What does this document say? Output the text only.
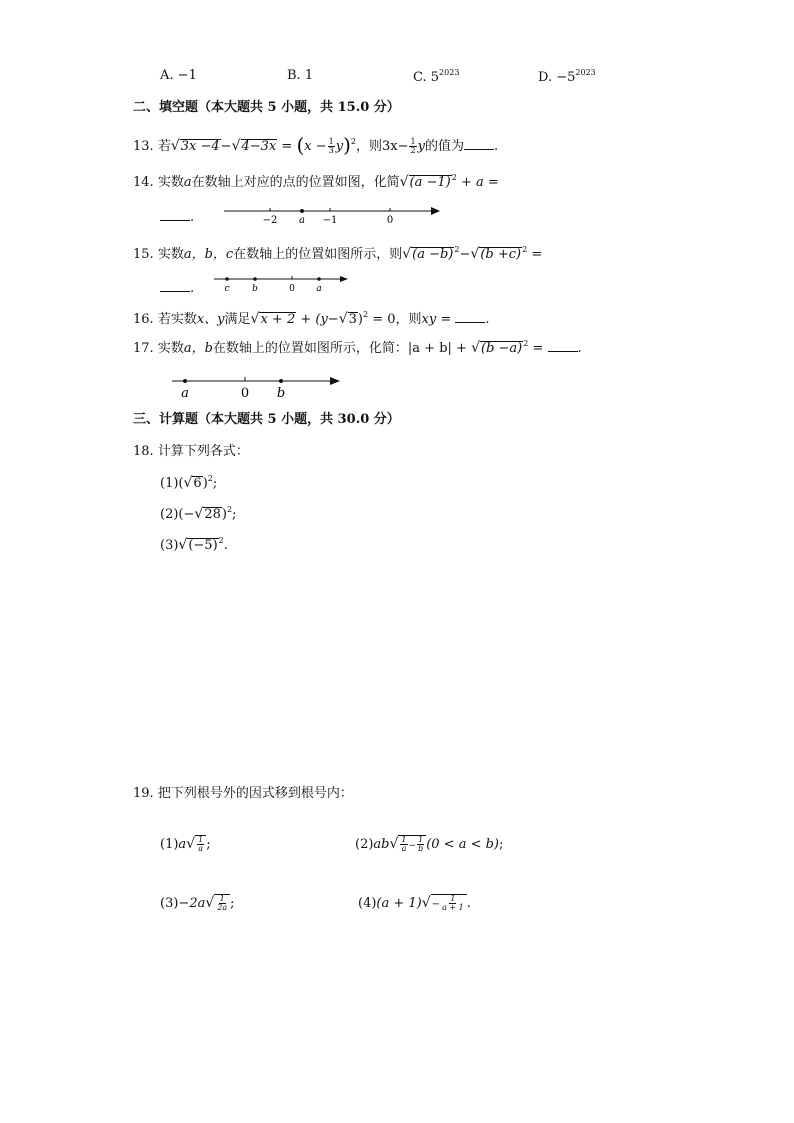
A. −1	B. 1	C. $5^{2023}$	D. $-5^{2023}$
二、填空题（本大题共 5 小题，共 15.0 分）
13. 若$√3x -4-√4-3x = (x - \frac{1}{3} y)^2$，则$3x- \frac{1}{2}$ y的值为 .
14. 实数a在数轴上对应的点的位置如图，化简$√(a -1)^2 + a$ =
.	−2 a −1	0
15. 实数a，b，c在数轴上的位置如图所示，则$√(a -b)^2-√(b +c)^2$ =
.	c	b	0 a
16. 若实数x、y满足$√x + 2 + (y-√3)^2 = 0$，则xy = .
17. 实数a，b在数轴上的位置如图所示，化简：$|a + b| + √(b -a)^2$ = .
a	0 b
三、计算题（本大题共 5 小题，共 30.0 分）
18. 计算下列各式：
$(1)(√6)^2$;
$(2)(-√28)^2$;
$(3)√(-5)^2$.
19. 把下列根号外的因式移到根号内：
$(1)a√ \frac{1}{a}$ ;	$(2)ab√ \frac{1}{a} - \frac{1}{b} (0 < a < b)$;
$(3)-2a√ \frac{1}{2a}$ ;	$(4)(a + 1)√- \frac{1}{a + 1}$ .
